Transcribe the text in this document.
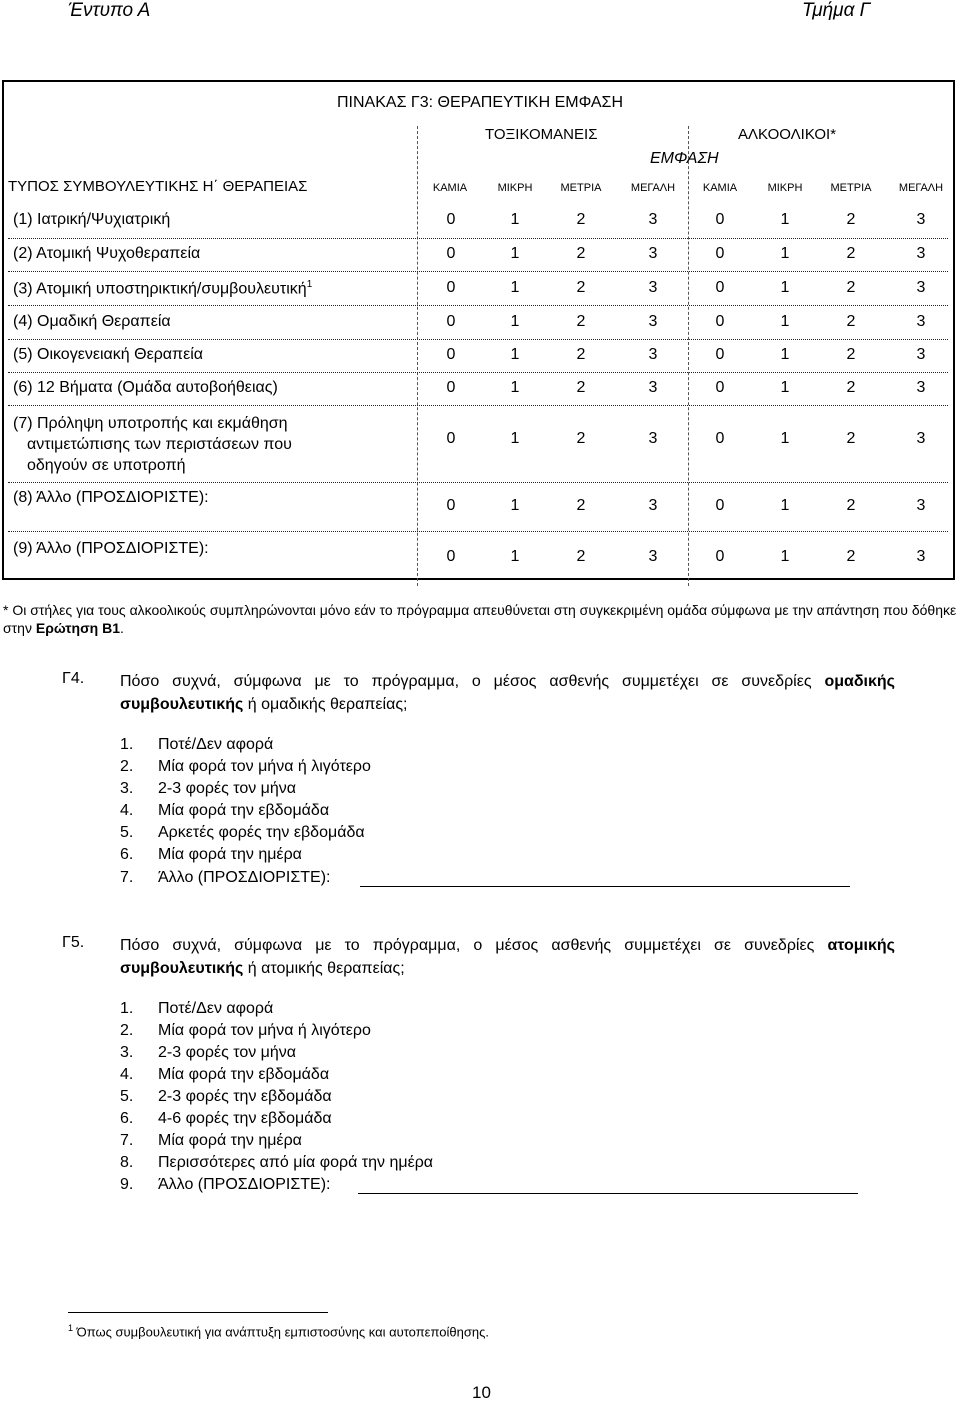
Έντυπο Α	Τμήμα Γ
ΠΙΝΑΚΑΣ Γ3: ΘΕΡΑΠΕΥΤΙΚΗ ΕΜΦΑΣΗ
ΤΟΞΙΚΟΜΑΝΕΙΣ	ΑΛΚΟΟΛΙΚΟΙ*
ΕΜΦΑΣΗ
ΤΥΠΟΣ ΣΥΜΒΟΥΛΕΥΤΙΚΗΣ Η΄ ΘΕΡΑΠΕΙΑΣ	ΚΑΜΙΑ	ΜΙΚΡΗ	ΜΕΤΡΙΑ	ΜΕΓΑΛΗ	ΚΑΜΙΑ	ΜΙΚΡΗ	ΜΕΤΡΙΑ	ΜΕΓΑΛΗ
(1) Ιατρική/Ψυχιατρική	0	1	2	3	0	1	2	3
(2) Ατομική Ψυχοθεραπεία	0	1	2	3	0	1	2	3
(3) Ατομική υποστηρικτική/συμβουλευτική$^1$	0	1	2	3	0	1	2	3
(4) Ομαδική Θεραπεία	0	1	2	3	0	1	2	3
(5) Οικογενειακή Θεραπεία	0	1	2	3	0	1	2	3
(6) 12 Βήματα (Ομάδα αυτοβοήθειας)	0	1	2	3	0	1	2	3
(7) Πρόληψη υποτροπής και εκμάθηση
αντιμετώπισης των περιστάσεων που
οδηγούν σε υποτροπή
0	1	2	3	0	1	2	3
(8) Άλλο (ΠΡΟΣΔΙΟΡΙΣΤΕ):	0	1	2	3	0	1	2	3
(9) Άλλο (ΠΡΟΣΔΙΟΡΙΣΤΕ):	0	1	2	3	0	1	2	3
* Οι στήλες για τους αλκοολικούς συμπληρώνονται μόνο εάν το πρόγραμμα απευθύνεται στη συγκεκριμένη ομάδα σύμφωνα με την απάντηση που δόθηκε στην Ερώτηση Β1.
Γ4. Πόσο συχνά, σύμφωνα με το πρόγραμμα, ο μέσος ασθενής συμμετέχει σε συνεδρίες ομαδικής συμβουλευτικής ή ομαδικής θεραπείας;
1. Ποτέ/Δεν αφορά
2. Μία φορά τον μήνα ή λιγότερο
3. 2-3 φορές τον μήνα
4. Μία φορά την εβδομάδα
5. Αρκετές φορές την εβδομάδα
6. Μία φορά την ημέρα
7. Άλλο (ΠΡΟΣΔΙΟΡΙΣΤΕ):
Γ5. Πόσο συχνά, σύμφωνα με το πρόγραμμα, ο μέσος ασθενής συμμετέχει σε συνεδρίες ατομικής συμβουλευτικής ή ατομικής θεραπείας;
1. Ποτέ/Δεν αφορά
2. Μία φορά τον μήνα ή λιγότερο
3. 2-3 φορές τον μήνα
4. Μία φορά την εβδομάδα
5. 2-3 φορές την εβδομάδα
6. 4-6 φορές την εβδομάδα
7. Μία φορά την ημέρα
8. Περισσότερες από μία φορά την ημέρα
9. Άλλο (ΠΡΟΣΔΙΟΡΙΣΤΕ):
$^1$ Όπως συμβουλευτική για ανάπτυξη εμπιστοσύνης και αυτοπεποίθησης.
10
